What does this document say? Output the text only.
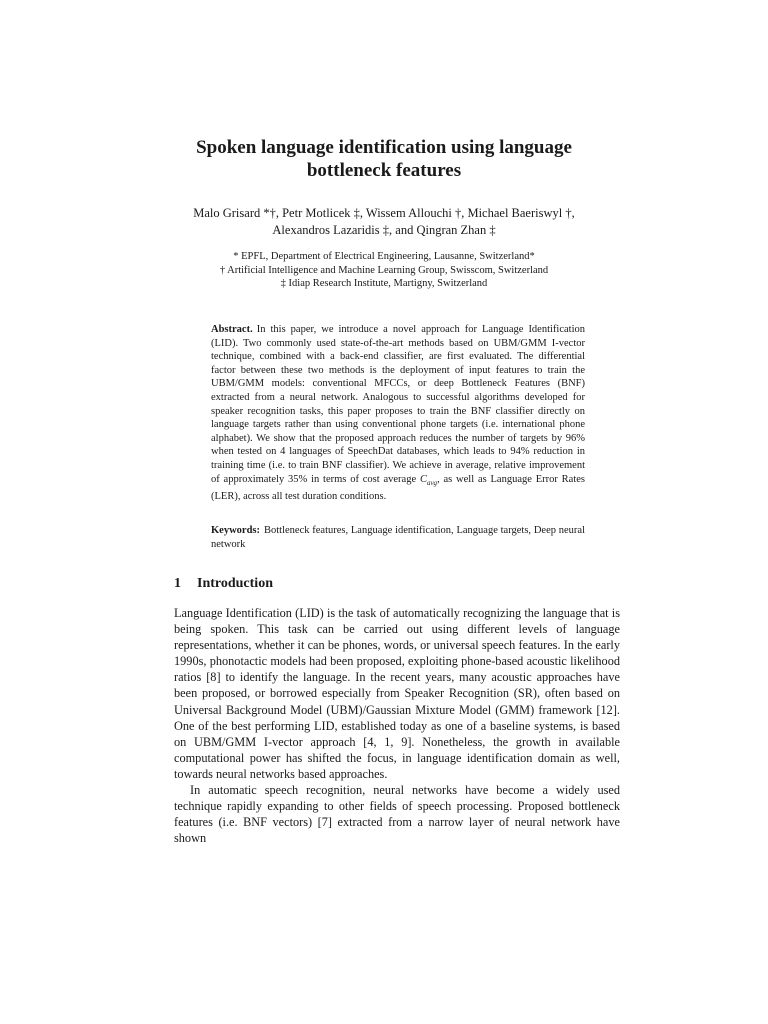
Spoken language identification using language
bottleneck features
Malo Grisard *†, Petr Motlicek ‡, Wissem Allouchi †, Michael Baeriswyl †,
Alexandros Lazaridis ‡, and Qingran Zhan ‡
* EPFL, Department of Electrical Engineering, Lausanne, Switzerland*
† Artificial Intelligence and Machine Learning Group, Swisscom, Switzerland
‡ Idiap Research Institute, Martigny, Switzerland

Abstract. In this paper, we introduce a novel approach for Language Identification (LID). Two commonly used state-of-the-art methods based on UBM/GMM I-vector technique, combined with a back-end classifier, are first evaluated. The differential factor between these two methods is the deployment of input features to train the UBM/GMM models: conventional MFCCs, or deep Bottleneck Features (BNF) extracted from a neural network. Analogous to successful algorithms developed for speaker recognition tasks, this paper proposes to train the BNF classifier directly on language targets rather than using conventional phone targets (i.e. international phone alphabet). We show that the proposed approach reduces the number of targets by 96% when tested on 4 languages of SpeechDat databases, which leads to 94% reduction in training time (i.e. to train BNF classifier). We achieve in average, relative improvement of approximately 35% in terms of cost average $C_{avg}$, as well as Language Error Rates (LER), across all test duration conditions.

Keywords: Bottleneck features, Language identification, Language targets, Deep neural network

1 Introduction

Language Identification (LID) is the task of automatically recognizing the language that is being spoken. This task can be carried out using different levels of language representations, whether it can be phones, words, or universal speech features. In the early 1990s, phonotactic models had been proposed, exploiting phone-based acoustic likelihood ratios [8] to identify the language. In the recent years, many acoustic approaches have been proposed, or borrowed especially from Speaker Recognition (SR), often based on Universal Background Model (UBM)/Gaussian Mixture Model (GMM) framework [12]. One of the best performing LID, established today as one of a baseline systems, is based on UBM/GMM I-vector approach [4, 1, 9]. Nonetheless, the growth in available computational power has shifted the focus, in language identification domain as well, towards neural networks based approaches.

In automatic speech recognition, neural networks have become a widely used technique rapidly expanding to other fields of speech processing. Proposed bottleneck features (i.e. BNF vectors) [7] extracted from a narrow layer of neural network have shown
